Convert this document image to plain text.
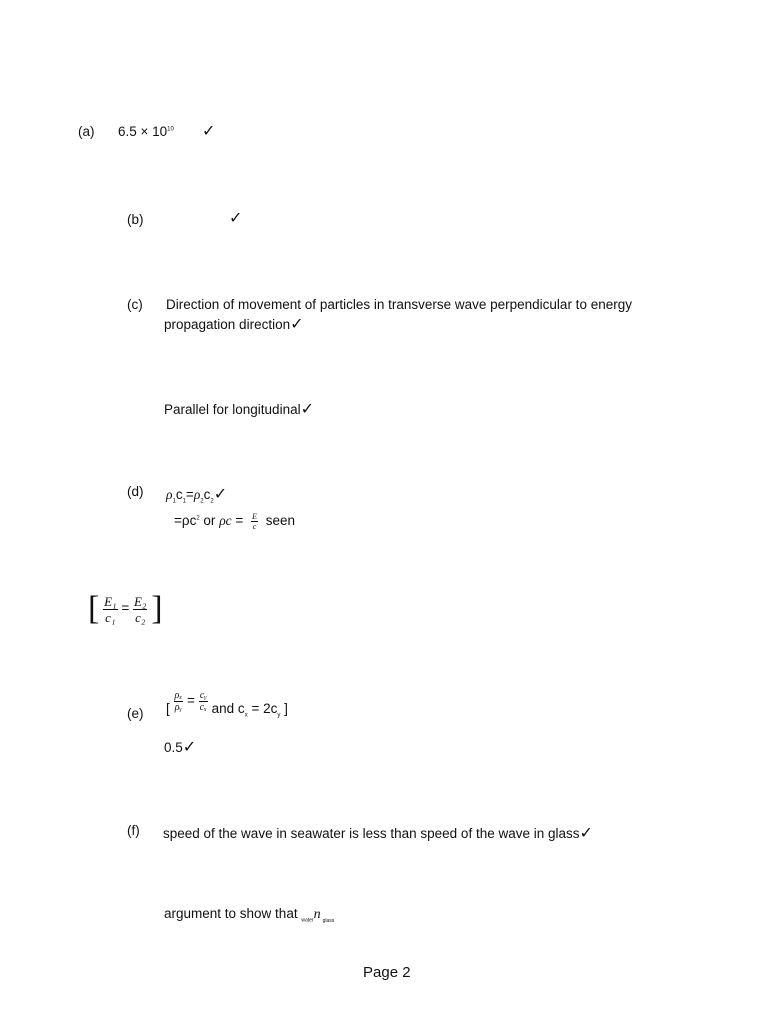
(a) $6.5 \times 10^{10}$ ✓
(b)	✓
(c) Direction of movement of particles in transverse wave perpendicular to energy
propagation direction✓
Parallel for longitudinal✓
(d) $\rho_1c_1=\rho_2c_2✓$
$=\rho c^2$ or $\rho c = \frac{E}{c}$ seen
[ $\frac{\text{E₁}}{\text{c₁}} = \frac{\text{E₂}}{\text{c₂}}$ ]
(e) [ $\frac{\text{ρₓ}}{\text{ρᵧ}} = \frac{\text{cᵧ}}{\text{cₓ}}$ and $c_x = 2c_y$ ]
0.5✓
(f) speed of the wave in seawater is less than speed of the wave in glass✓
argument to show that $_{water}$n $_{glass}$
Page 2
